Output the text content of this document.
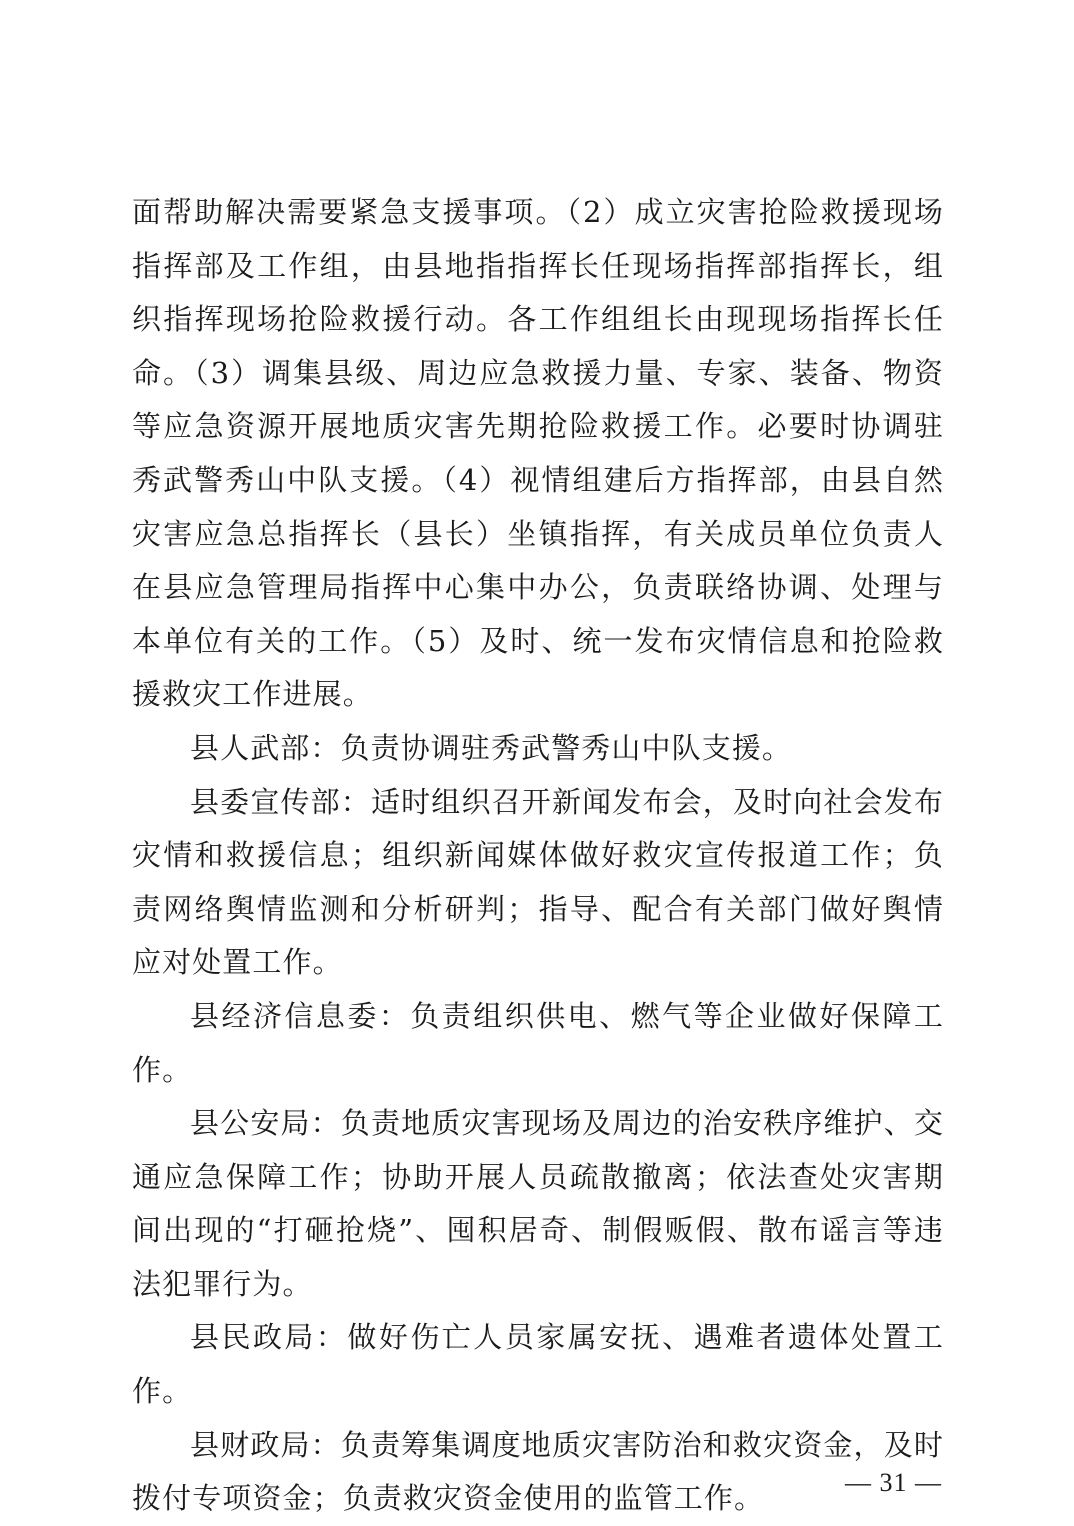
面帮助解决需要紧急支援事项。（2）成立灾害抢险救援现场指挥部及工作组，由县地指指挥长任现场指挥部指挥长，组织指挥现场抢险救援行动。各工作组组长由现现场指挥长任命。（3）调集县级、周边应急救援力量、专家、装备、物资等应急资源开展地质灾害先期抢险救援工作。必要时协调驻秀武警秀山中队支援。（4）视情组建后方指挥部，由县自然灾害应急总指挥长（县长）坐镇指挥，有关成员单位负责人在县应急管理局指挥中心集中办公，负责联络协调、处理与本单位有关的工作。（5）及时、统一发布灾情信息和抢险救援救灾工作进展。

县人武部：负责协调驻秀武警秀山中队支援。

县委宣传部：适时组织召开新闻发布会，及时向社会发布灾情和救援信息；组织新闻媒体做好救灾宣传报道工作；负责网络舆情监测和分析研判；指导、配合有关部门做好舆情应对处置工作。

县经济信息委：负责组织供电、燃气等企业做好保障工作。

县公安局：负责地质灾害现场及周边的治安秩序维护、交通应急保障工作；协助开展人员疏散撤离；依法查处灾害期间出现的“打砸抢烧”、囤积居奇、制假贩假、散布谣言等违法犯罪行为。

县民政局：做好伤亡人员家属安抚、遇难者遗体处置工作。

县财政局：负责筹集调度地质灾害防治和救灾资金，及时拨付专项资金；负责救灾资金使用的监管工作。	— 31 —
